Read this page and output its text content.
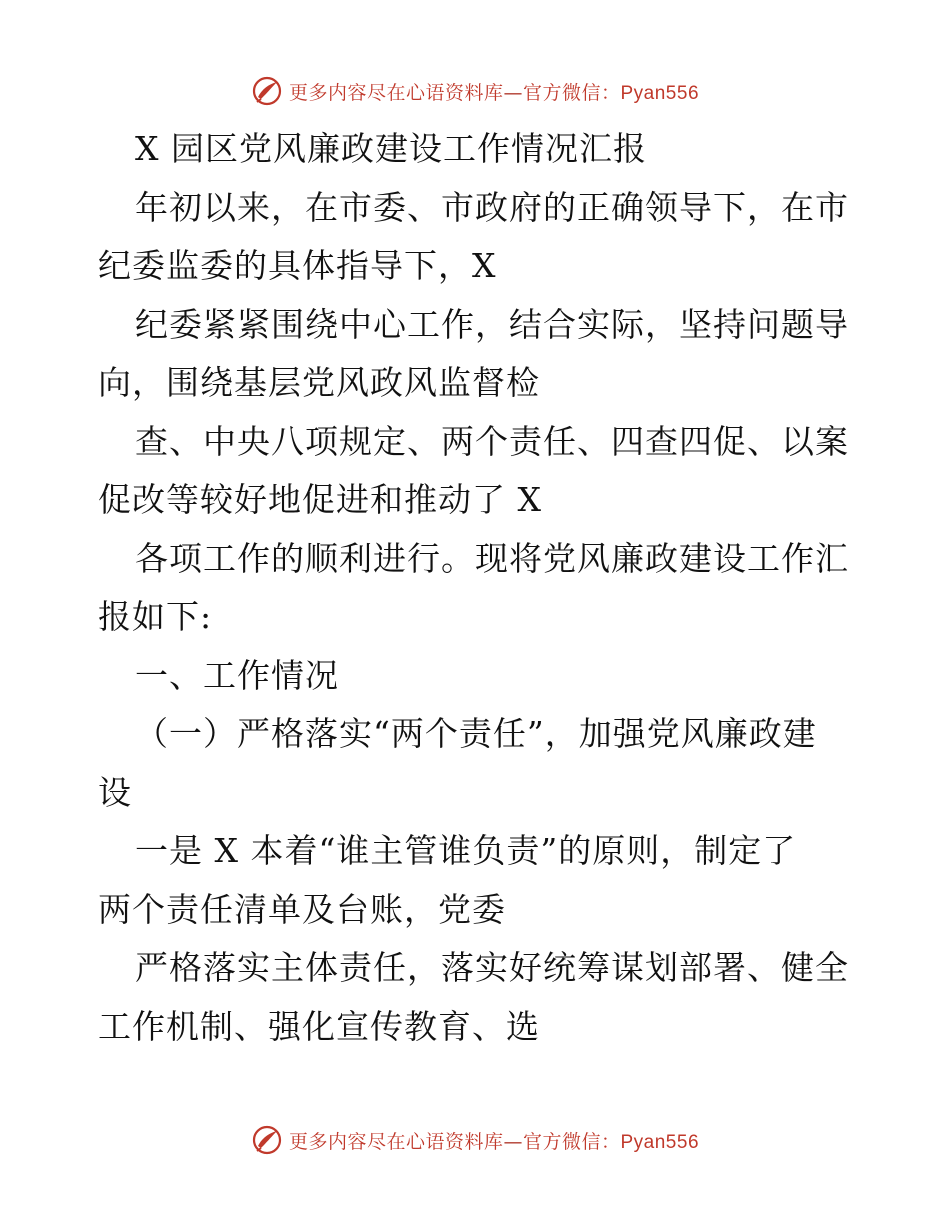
更多内容尽在心语资料库—官方微信：Pyan556
X 园区党风廉政建设工作情况汇报
年初以来，在市委、市政府的正确领导下，在市
纪委监委的具体指导下，X
纪委紧紧围绕中心工作，结合实际，坚持问题导
向，围绕基层党风政风监督检
查、中央八项规定、两个责任、四查四促、以案
促改等较好地促进和推动了 X
各项工作的顺利进行。现将党风廉政建设工作汇
报如下:
一、工作情况
（一）严格落实“两个责任”，加强党风廉政建
设
一是 X 本着“谁主管谁负责”的原则，制定了
两个责任清单及台账，党委
严格落实主体责任，落实好统筹谋划部署、健全
工作机制、强化宣传教育、选
更多内容尽在心语资料库—官方微信：Pyan556
